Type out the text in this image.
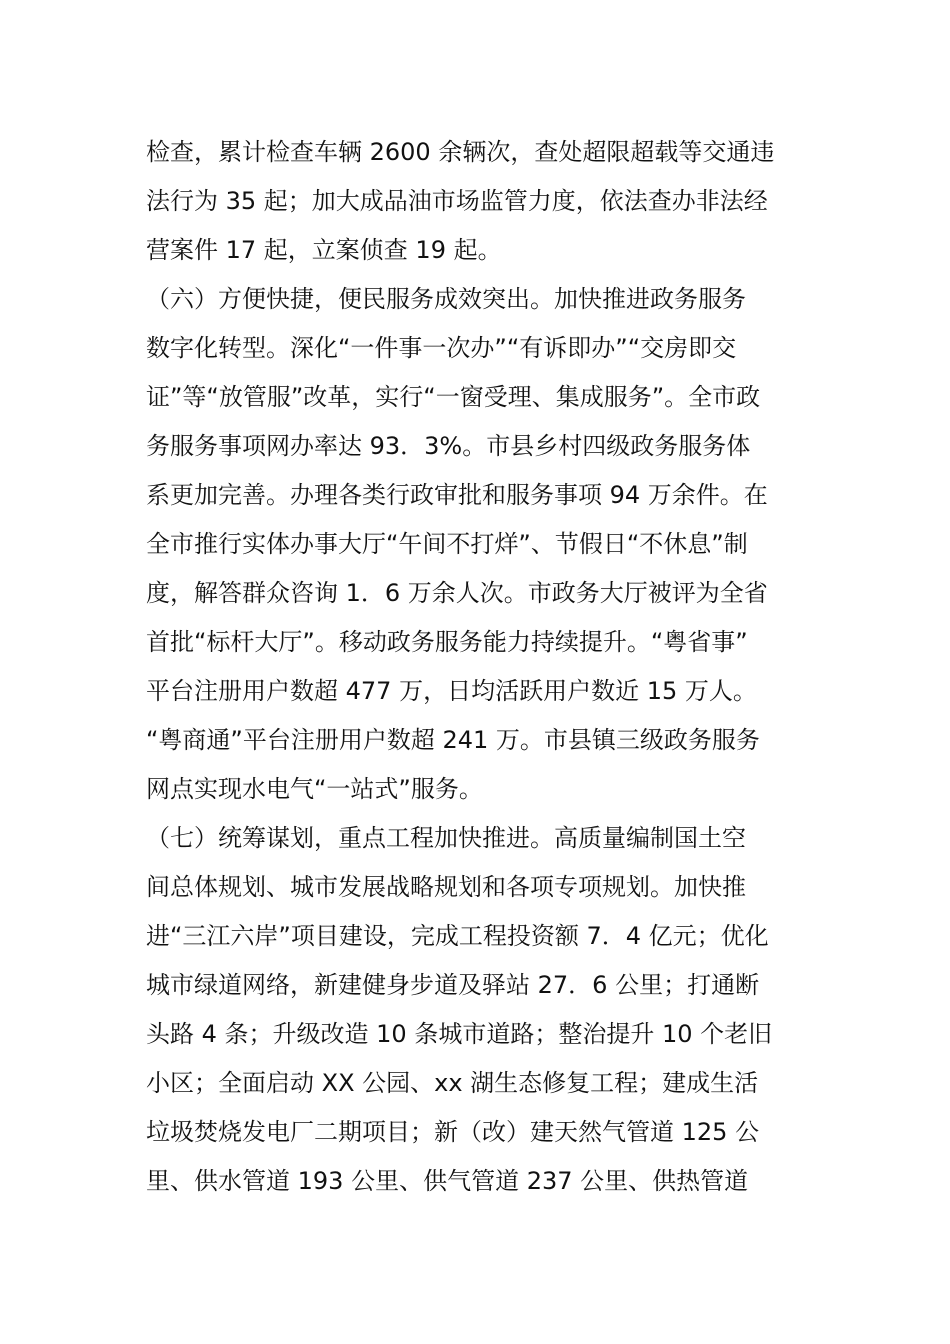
检查，累计检查车辆 2600 余辆次，查处超限超载等交通违
法行为 35 起；加大成品油市场监管力度，依法查办非法经
营案件 17 起，立案侦查 19 起。
（六）方便快捷，便民服务成效突出。加快推进政务服务
数字化转型。深化“一件事一次办”“有诉即办”“交房即交
证”等“放管服”改革，实行“一窗受理、集成服务”。全市政
务服务事项网办率达 93．3%。市县乡村四级政务服务体
系更加完善。办理各类行政审批和服务事项 94 万余件。在
全市推行实体办事大厅“午间不打烊”、节假日“不休息”制
度，解答群众咨询 1．6 万余人次。市政务大厅被评为全省
首批“标杆大厅”。移动政务服务能力持续提升。“粤省事”
平台注册用户数超 477 万，日均活跃用户数近 15 万人。
“粤商通”平台注册用户数超 241 万。市县镇三级政务服务
网点实现水电气“一站式”服务。
（七）统筹谋划，重点工程加快推进。高质量编制国土空
间总体规划、城市发展战略规划和各项专项规划。加快推
进“三江六岸”项目建设，完成工程投资额 7．4 亿元；优化
城市绿道网络，新建健身步道及驿站 27．6 公里；打通断
头路 4 条；升级改造 10 条城市道路；整治提升 10 个老旧
小区；全面启动 XX 公园、xx 湖生态修复工程；建成生活
垃圾焚烧发电厂二期项目；新（改）建天然气管道 125 公
里、供水管道 193 公里、供气管道 237 公里、供热管道
